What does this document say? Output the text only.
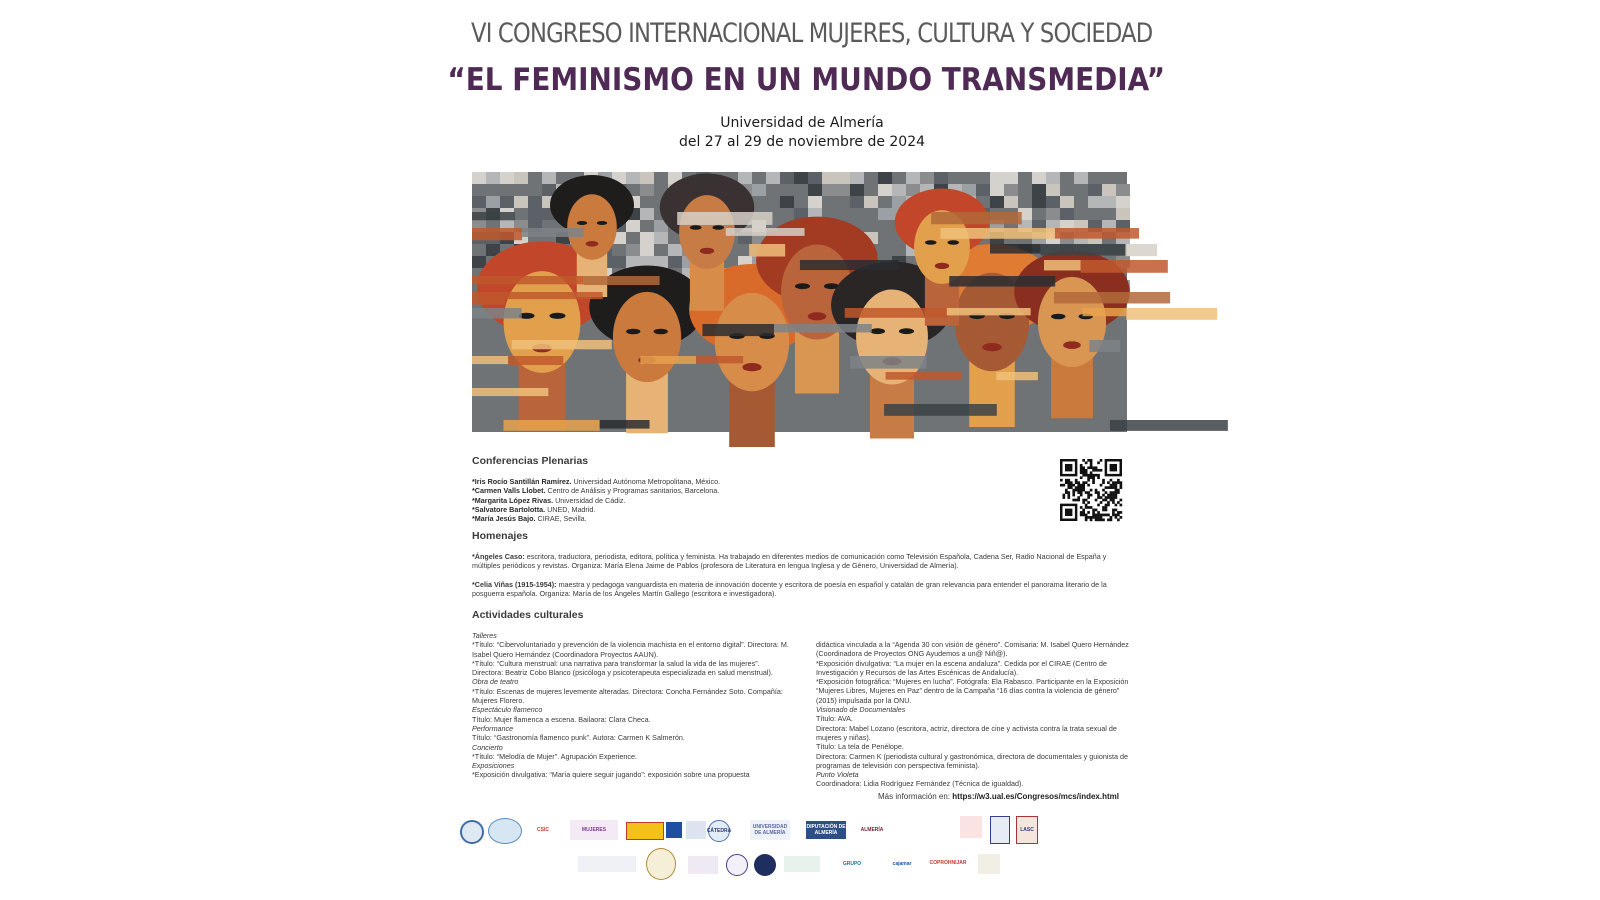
VI CONGRESO INTERNACIONAL MUJERES, CULTURA Y SOCIEDAD
“EL FEMINISMO EN UN MUNDO TRANSMEDIA”
Universidad de Almería
del 27 al 29 de noviembre de 2024
Conferencias Plenarias
*Iris Rocío Santillán Ramírez. Universidad Autónoma Metropolitana, México.
*Carmen Valls Llobet. Centro de Análisis y Programas sanitarios, Barcelona.
*Margarita López Rivas. Universidad de Cádiz.
*Salvatore Bartolotta. UNED, Madrid.
*María Jesús Bajo. CIRAE, Sevilla.
Homenajes
*Ángeles Caso: escritora, traductora, periodista, editora, política y feminista. Ha trabajado en diferentes medios de comunicación como Televisión Española, Cadena Ser, Radio Nacional de España y múltiples periódicos y revistas. Organiza: María Elena Jaime de Pablos (profesora de Literatura en lengua Inglesa y de Género, Universidad de Almería).
*Celia Viñas (1915-1954): maestra y pedagoga vanguardista en materia de innovación docente y escritora de poesía en español y catalán de gran relevancia para entender el panorama literario de la posguerra española. Organiza: María de los Ángeles Martín Gallego (escritora e investigadora).
Actividades culturales

Talleres

*Título: “Cibervoluntariado y prevención de la violencia machista en el entorno digital”. Directora: M. Isabel Quero Hernández (Coordinadora Proyectos AAUN).

*Título: “Cultura menstrual: una narrativa para transformar la salud la vida de las mujeres”. Directora: Beatriz Cobo Blanco (psicóloga y psicoterapeuta especializada en salud menstrual).

Obra de teatro

*Título: Escenas de mujeres levemente alteradas. Directora: Concha Fernández Soto. Compañía: Mujeres Florero.

Espectáculo flamenco

Título: Mujer flamenca a escena. Bailaora: Clara Checa.

Performance

Título: “Gastronomía flamenco punk”. Autora: Carmen K Salmerón.

Concierto

*Título: “Melodía de Mujer”. Agrupación Experience.

Exposiciones

*Exposición divulgativa: “María quiere seguir jugando”: exposición sobre una propuesta

didáctica vinculada a la “Agenda 30 con visión de género”. Comisaria: M. Isabel Quero Hernández (Coordinadora de Proyectos ONG Ayudemos a un@ Niñ@).

*Exposición divulgativa: “La mujer en la escena andaluza”. Cedida por el CIRAE (Centro de Investigación y Recursos de las Artes Escénicas de Andalucía).

*Exposición fotográfica: “Mujeres en lucha”. Fotógrafa: Ela Rabasco. Participante en la Exposición “Mujeres Libres, Mujeres en Paz” dentro de la Campaña “16 días contra la violencia de género” (2015) impulsada por la ONU.

Visionado de Documentales

Título: AVA.

Directora: Mabel Lozano (escritora, actriz, directora de cine y activista contra la trata sexual de mujeres y niñas).

Título: La tela de Penélope.

Directora: Carmen K (periodista cultural y gastronómica, directora de documentales y guionista de programas de televisión con perspectiva feminista).

Punto Violeta

Coordinadora: Lidia Rodríguez Fernández (Técnica de igualdad).

Más información en: https://w3.ual.es/Congresos/mcs/index.html
CSIC	MUJERES	CÁTEDRA
UNIVERSIDAD DE ALMERÍA
DIPUTACIÓN DE ALMERÍA	ALMERÍA	LASC
GRUPO	cajamar	COPROHNIJAR
